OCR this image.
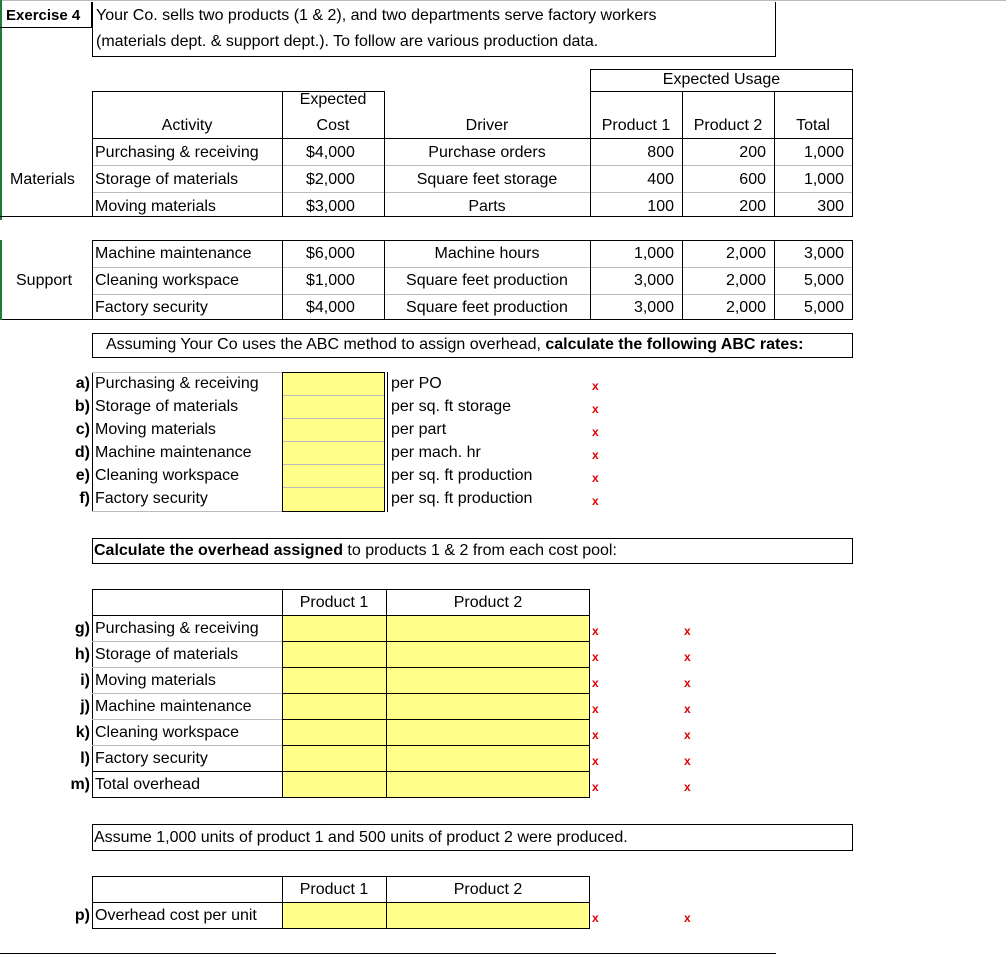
Exercise 4 Your Co. sells two products (1 & 2), and two departments serve factory workers
(materials dept. & support dept.). To follow are various production data.
Expected Usage
Expected
Cost
Activity	Driver	Product 1	Product 2	Total
Materials
Purchasing & receiving	$4,000	Purchase orders	800	200	1,000
Storage of materials	$2,000	Square feet storage	400	600	1,000
Moving materials	$3,000	Parts	100	200	300
Support
Machine maintenance	$6,000	Machine hours	1,000	2,000	3,000
Cleaning workspace	$1,000	Square feet production	3,000	2,000	5,000
Factory security	$4,000	Square feet production	3,000	2,000	5,000
Assuming Your Co uses the ABC method to assign overhead, calculate the following ABC rates:
a) Purchasing & receiving	per PO	x
b) Storage of materials	per sq. ft storage	x
c) Moving materials	per part	x
d) Machine maintenance	per mach. hr	x
e) Cleaning workspace	per sq. ft production	x
f) Factory security	per sq. ft production	x
Calculate the overhead assigned to products 1 & 2 from each cost pool:
Product 1	Product 2
g) Purchasing & receiving	x	x
h) Storage of materials	x	x
i) Moving materials	x	x
j) Machine maintenance	x	x
k) Cleaning workspace	x	x
l) Factory security	x	x
m) Total overhead	x	x
Assume 1,000 units of product 1 and 500 units of product 2 were produced.
Product 1	Product 2
p) Overhead cost per unit	x	x
